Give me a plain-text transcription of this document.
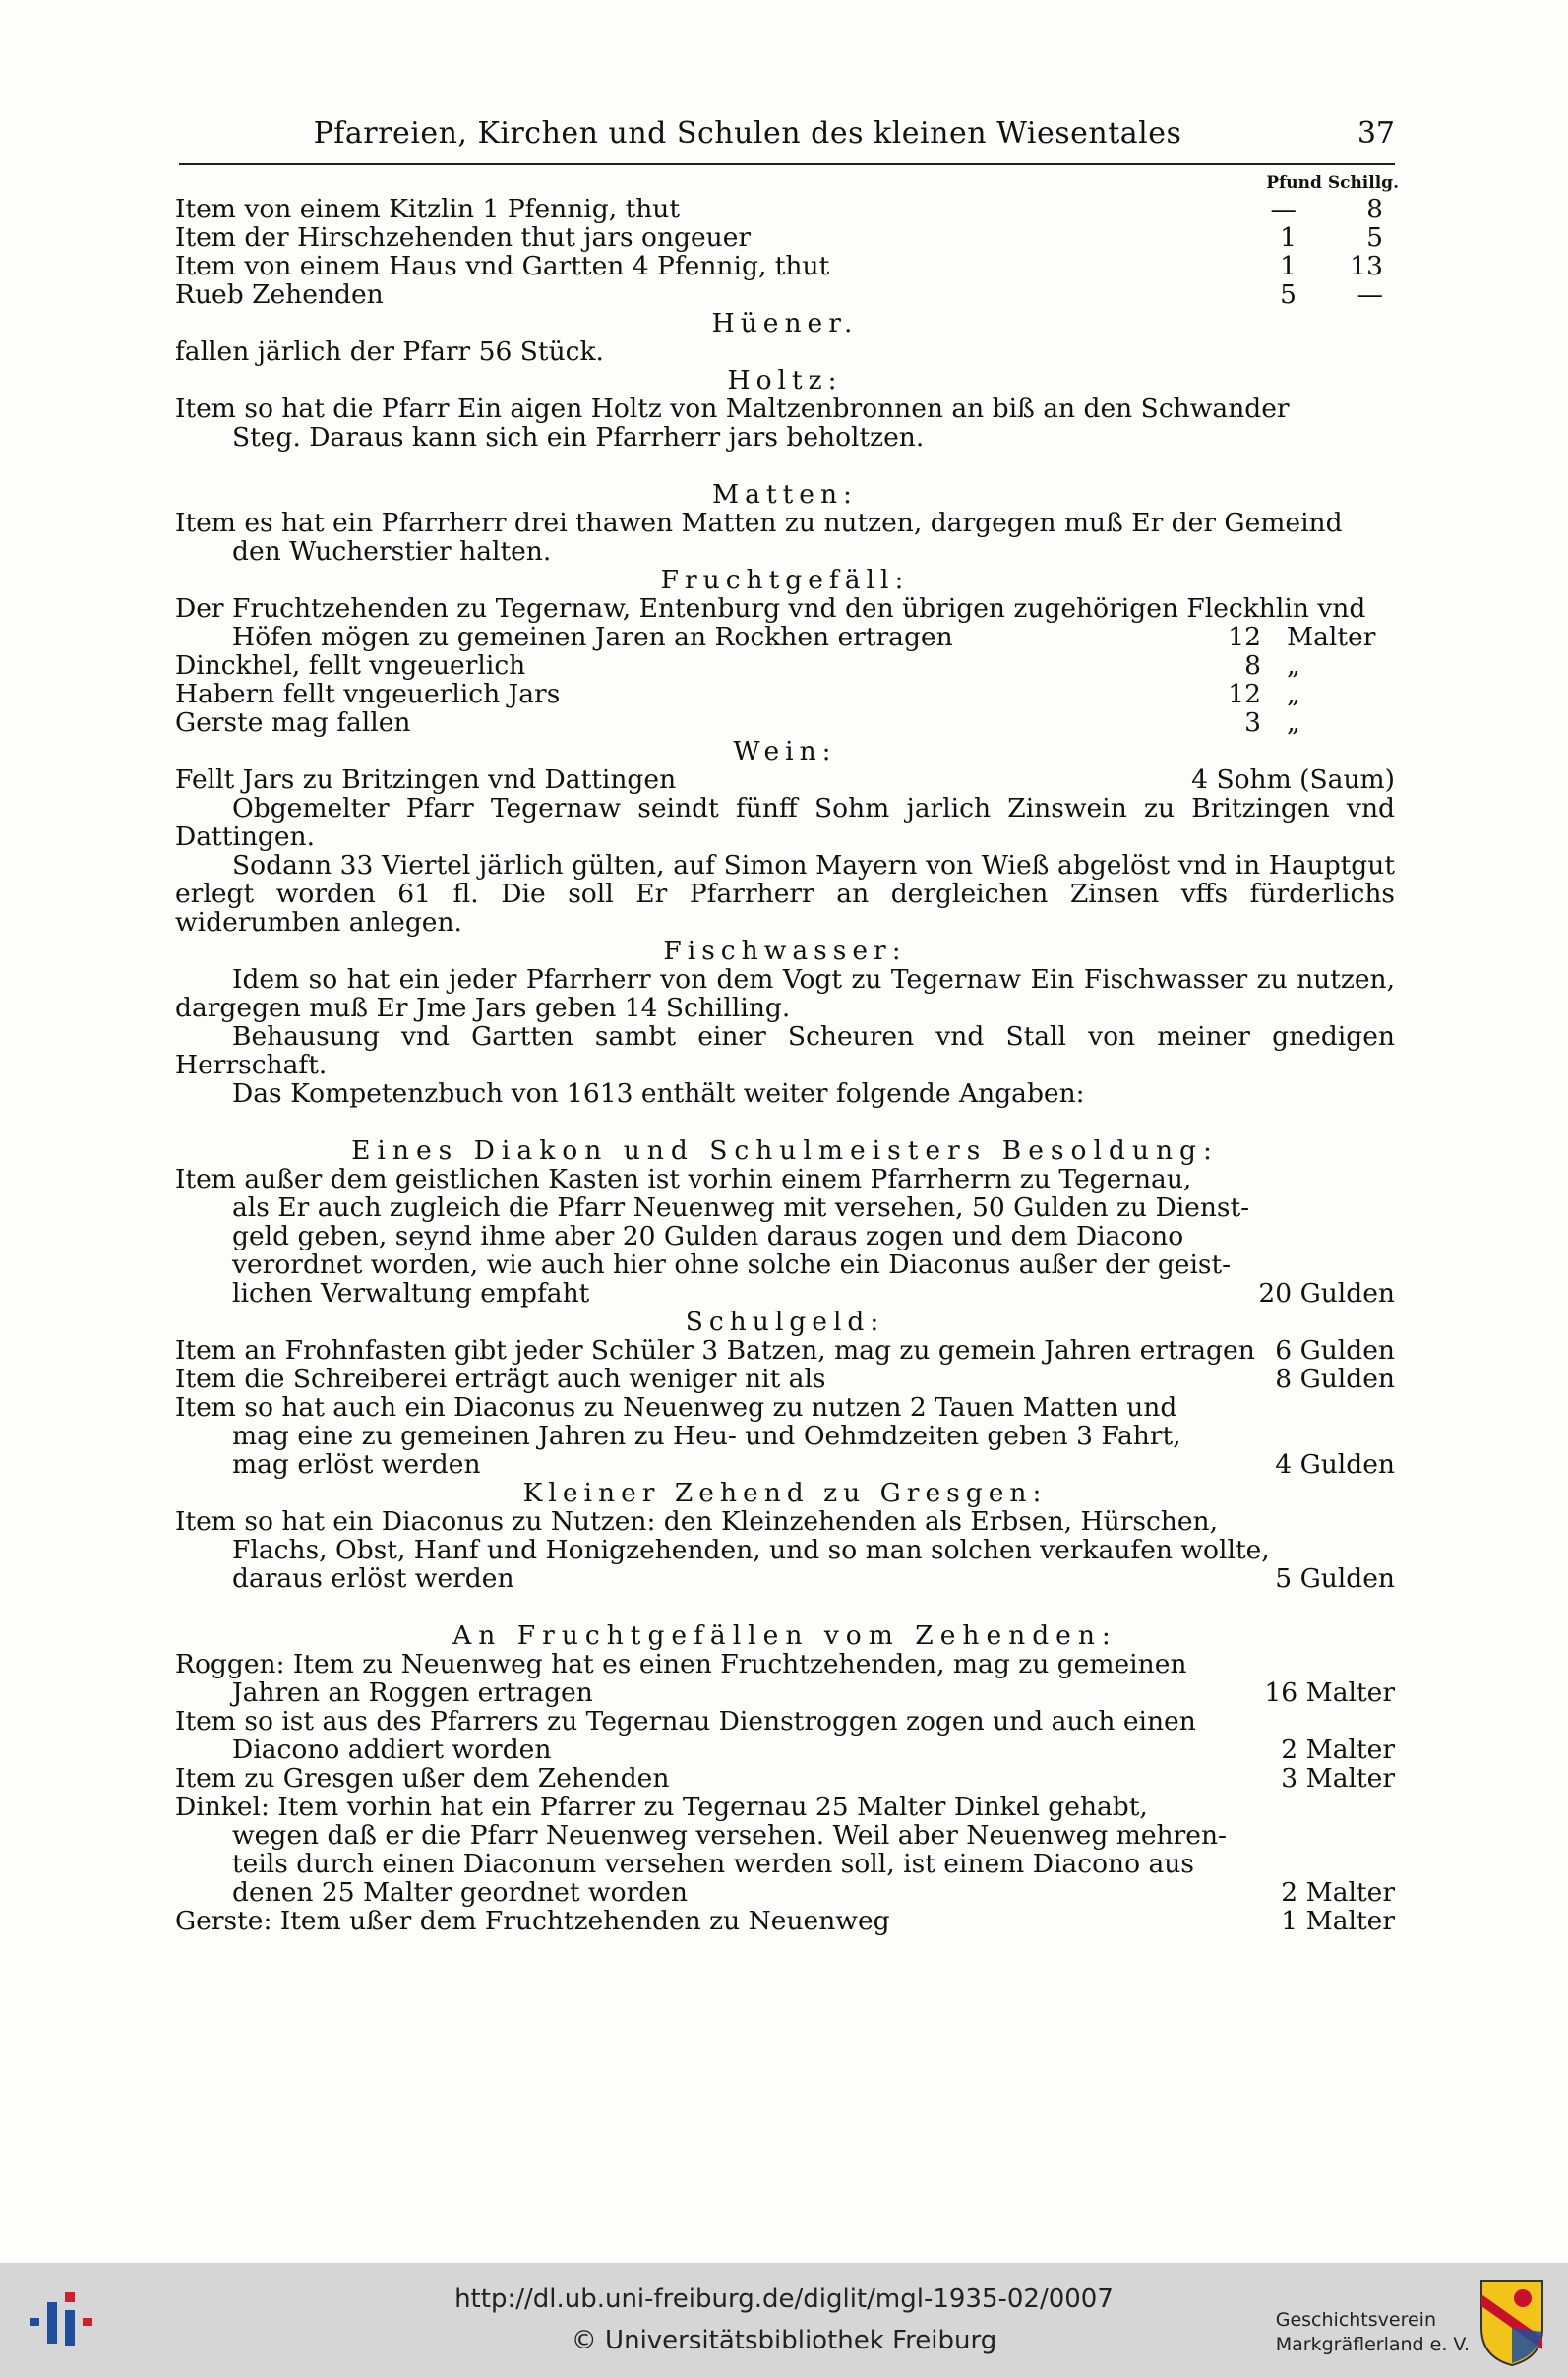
Pfarreien, Kirchen und Schulen des kleinen Wiesentales	37
Pfund Schillg.
Item von einem Kitzlin 1 Pfennig, thut	—	8
Item der Hirschzehenden thut jars ongeuer	1	5
Item von einem Haus vnd Gartten 4 Pfennig, thut	1	13
Rueb Zehenden	5	—
Hüener.
fallen järlich der Pfarr 56 Stück.
Holtz:
Item so hat die Pfarr Ein aigen Holtz von Maltzenbronnen an biß an den Schwander
Steg. Daraus kann sich ein Pfarrherr jars beholtzen.
Matten:
Item es hat ein Pfarrherr drei thawen Matten zu nutzen, dargegen muß Er der Gemeind
den Wucherstier halten.
Fruchtgefäll:
Der Fruchtzehenden zu Tegernaw, Entenburg vnd den übrigen zugehörigen Fleckhlin vnd
Höfen mögen zu gemeinen Jaren an Rockhen ertragen	12 Malter
Dinckhel, fellt vngeuerlich	8 „
Habern fellt vngeuerlich Jars	12 „
Gerste mag fallen	3 „
Wein:
Fellt Jars zu Britzingen vnd Dattingen	4 Sohm (Saum)

Obgemelter Pfarr Tegernaw seindt fünff Sohm jarlich Zinswein zu Britzingen vnd Dattingen.

Sodann 33 Viertel järlich gülten, auf Simon Mayern von Wieß abgelöst vnd in Hauptgut erlegt worden 61 fl. Die soll Er Pfarrherr an dergleichen Zinsen vffs fürderlichs widerumben anlegen.

Fischwasser:

Idem so hat ein jeder Pfarrherr von dem Vogt zu Tegernaw Ein Fischwasser zu nutzen, dargegen muß Er Jme Jars geben 14 Schilling.

Behausung vnd Gartten sambt einer Scheuren vnd Stall von meiner gnedigen Herrschaft.

Das Kompetenzbuch von 1613 enthält weiter folgende Angaben:

Eines Diakon und Schulmeisters Besoldung:
Item außer dem geistlichen Kasten ist vorhin einem Pfarrherrn zu Tegernau,
als Er auch zugleich die Pfarr Neuenweg mit versehen, 50 Gulden zu Dienst-
geld geben, seynd ihme aber 20 Gulden daraus zogen und dem Diacono
verordnet worden, wie auch hier ohne solche ein Diaconus außer der geist-
lichen Verwaltung empfaht	20 Gulden
Schulgeld:
Item an Frohnfasten gibt jeder Schüler 3 Batzen, mag zu gemein Jahren ertragen 6 Gulden
Item die Schreiberei erträgt auch weniger nit als	8 Gulden
Item so hat auch ein Diaconus zu Neuenweg zu nutzen 2 Tauen Matten und
mag eine zu gemeinen Jahren zu Heu- und Oehmdzeiten geben 3 Fahrt,
mag erlöst werden	4 Gulden
Kleiner Zehend zu Gresgen:
Item so hat ein Diaconus zu Nutzen: den Kleinzehenden als Erbsen, Hürschen,
Flachs, Obst, Hanf und Honigzehenden, und so man solchen verkaufen wollte,
daraus erlöst werden	5 Gulden
An Fruchtgefällen vom Zehenden:
Roggen: Item zu Neuenweg hat es einen Fruchtzehenden, mag zu gemeinen
Jahren an Roggen ertragen	16 Malter
Item so ist aus des Pfarrers zu Tegernau Dienstroggen zogen und auch einen
Diacono addiert worden	2 Malter
Item zu Gresgen ußer dem Zehenden	3 Malter
Dinkel: Item vorhin hat ein Pfarrer zu Tegernau 25 Malter Dinkel gehabt,
wegen daß er die Pfarr Neuenweg versehen. Weil aber Neuenweg mehren-
teils durch einen Diaconum versehen werden soll, ist einem Diacono aus
denen 25 Malter geordnet worden	2 Malter
Gerste: Item ußer dem Fruchtzehenden zu Neuenweg	1 Malter
http://dl.ub.uni-freiburg.de/diglit/mgl-1935-02/0007
© Universitätsbibliothek Freiburg
Geschichtsverein
Markgräflerland e. V.
